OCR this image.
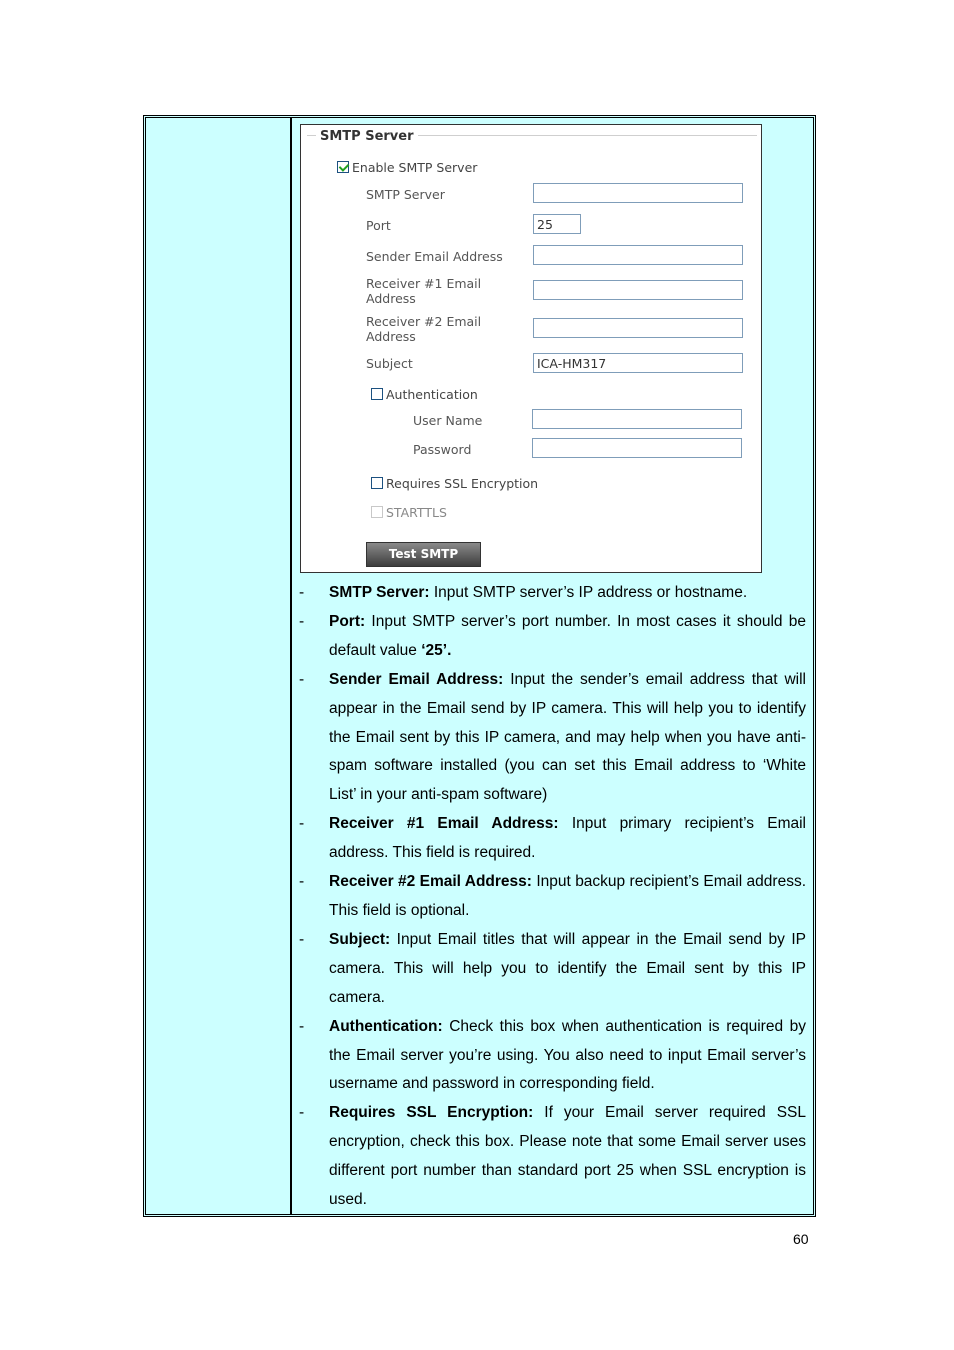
SMTP Server
Enable SMTP Server
SMTP Server
Port
25
Sender Email Address
Receiver #1 Email
Address
Receiver #2 Email
Address
Subject
ICA-HM317
Authentication
User Name
Password
Requires SSL Encryption
STARTTLS
Test SMTP
- SMTP Server: Input SMTP server’s IP address or hostname.
- Port: Input SMTP server’s port number. In most cases it should be default value ‘25’.
- Sender Email Address: Input the sender’s email address that will appear in the Email send by IP camera. This will help you to identify the Email sent by this IP camera, and may help when you have anti-spam software installed (you can set this Email address to ‘White List’ in your anti-spam software)
- Receiver #1 Email Address: Input primary recipient’s Email address. This field is required.
- Receiver #2 Email Address: Input backup recipient’s Email address. This field is optional.
- Subject: Input Email titles that will appear in the Email send by IP camera. This will help you to identify the Email sent by this IP camera.
- Authentication: Check this box when authentication is required by the Email server you’re using. You also need to input Email server’s username and password in corresponding field.
- Requires SSL Encryption: If your Email server required SSL encryption, check this box. Please note that some Email server uses different port number than standard port 25 when SSL encryption is used.
60
